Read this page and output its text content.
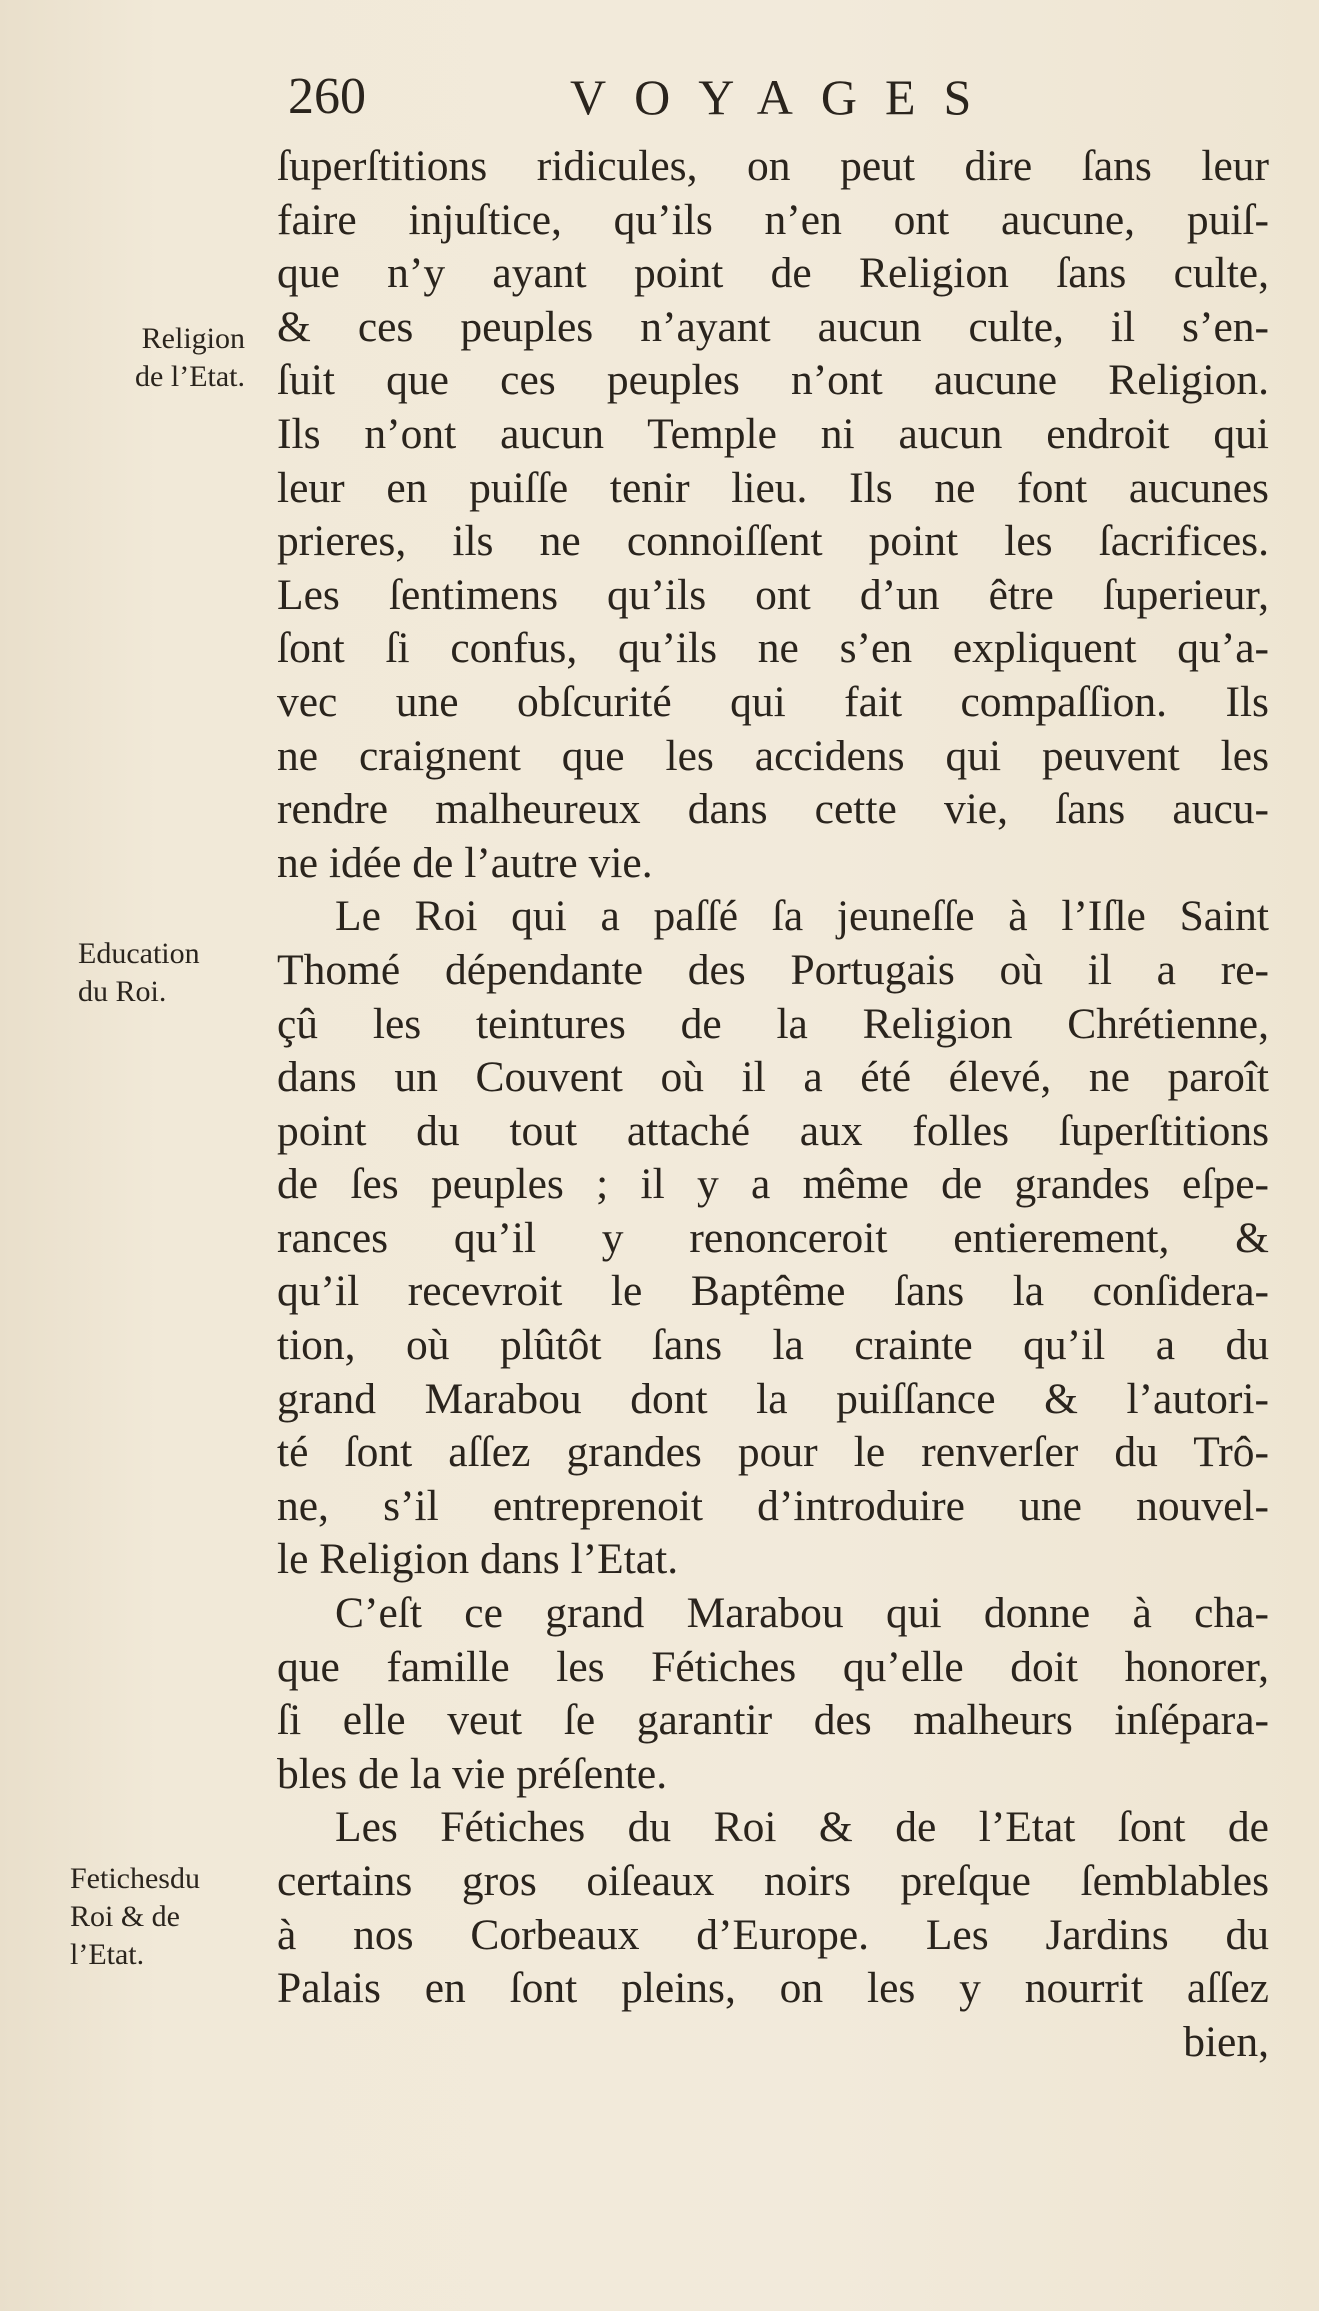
260	VOYAGES
Religion
de l’Etat.
Education
du Roi.
Fetichesdu
Roi & de
l’Etat.
ſuperſtitions ridicules, on peut dire ſans leur
faire injuſtice, qu’ils n’en ont aucune, puiſ-
que n’y ayant point de Religion ſans culte,
& ces peuples n’ayant aucun culte, il s’en-
ſuit que ces peuples n’ont aucune Religion.
Ils n’ont aucun Temple ni aucun endroit qui
leur en puiſſe tenir lieu. Ils ne font aucunes
prieres, ils ne connoiſſent point les ſacrifices.
Les ſentimens qu’ils ont d’un être ſuperieur,
ſont ſi confus, qu’ils ne s’en expliquent qu’a-
vec une obſcurité qui fait compaſſion. Ils
ne craignent que les accidens qui peuvent les
rendre malheureux dans cette vie, ſans aucu-
ne idée de l’autre vie.
Le Roi qui a paſſé ſa jeuneſſe à l’Iſle Saint
Thomé dépendante des Portugais où il a re-
çû les teintures de la Religion Chrétienne,
dans un Couvent où il a été élevé, ne paroît
point du tout attaché aux folles ſuperſtitions
de ſes peuples ; il y a même de grandes eſpe-
rances qu’il y renonceroit entierement, &
qu’il recevroit le Baptême ſans la conſidera-
tion, où plûtôt ſans la crainte qu’il a du
grand Marabou dont la puiſſance & l’autori-
té ſont aſſez grandes pour le renverſer du Trô-
ne, s’il entreprenoit d’introduire une nouvel-
le Religion dans l’Etat.
C’eſt ce grand Marabou qui donne à cha-
que famille les Fétiches qu’elle doit honorer,
ſi elle veut ſe garantir des malheurs inſépara-
bles de la vie préſente.
Les Fétiches du Roi & de l’Etat ſont de
certains gros oiſeaux noirs preſque ſemblables
à nos Corbeaux d’Europe. Les Jardins du
Palais en ſont pleins, on les y nourrit aſſez
bien,
